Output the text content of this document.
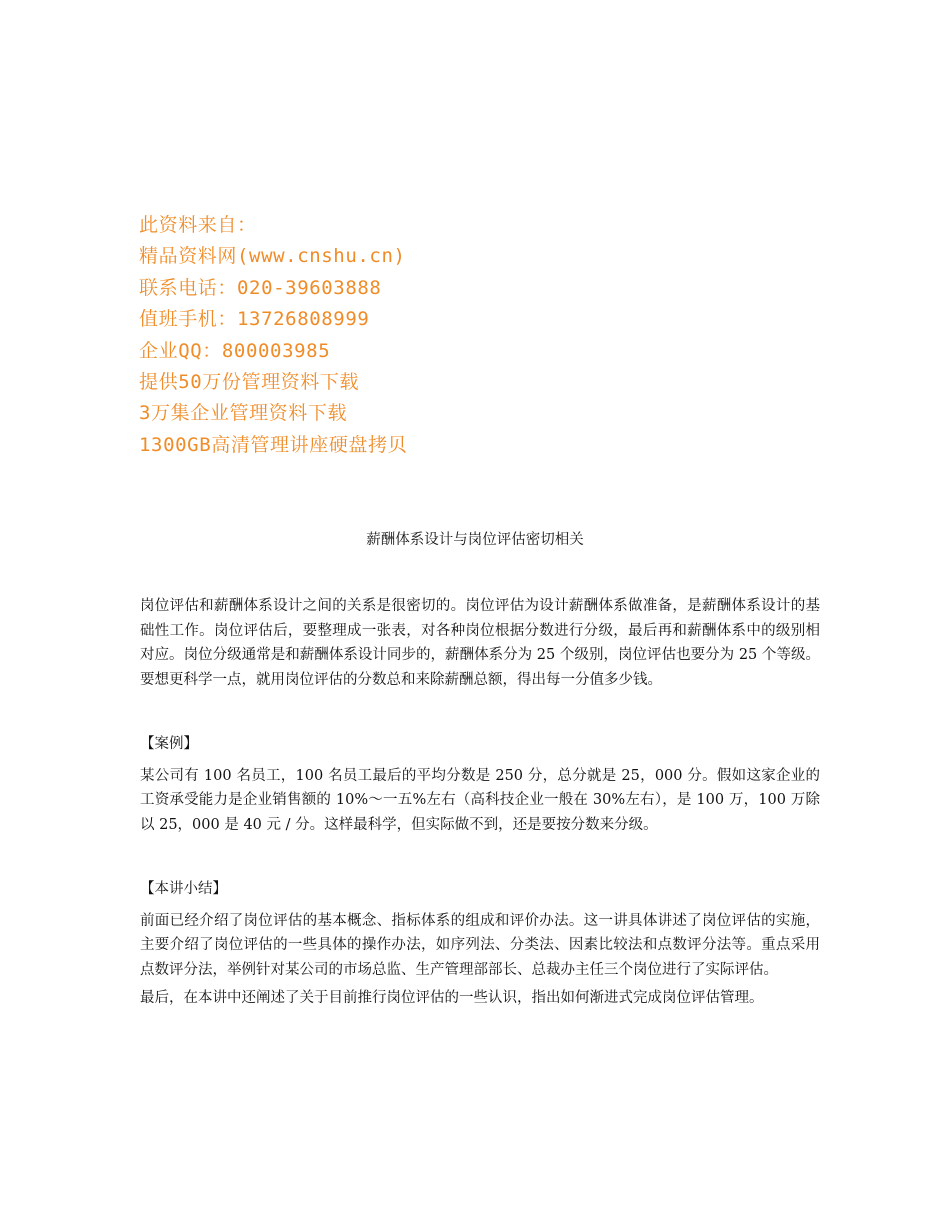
此资料来自：
精品资料网(www.cnshu.cn)
联系电话：020-39603888
值班手机：13726808999
企业QQ：800003985
提供50万份管理资料下载
3万集企业管理资料下载
1300GB高清管理讲座硬盘拷贝
薪酬体系设计与岗位评估密切相关

岗位评估和薪酬体系设计之间的关系是很密切的。岗位评估为设计薪酬体系做准备，是薪酬体系设计的基础性工作。岗位评估后，要整理成一张表，对各种岗位根据分数进行分级，最后再和薪酬体系中的级别相对应。岗位分级通常是和薪酬体系设计同步的，薪酬体系分为 25 个级别，岗位评估也要分为 25 个等级。要想更科学一点，就用岗位评估的分数总和来除薪酬总额，得出每一分值多少钱。

【案例】

某公司有 100 名员工，100 名员工最后的平均分数是 250 分，总分就是 25，000 分。假如这家企业的工资承受能力是企业销售额的 10%～一五%左右（高科技企业一般在 30%左右），是 100 万，100 万除以 25，000 是 40 元 / 分。这样最科学，但实际做不到，还是要按分数来分级。

【本讲小结】

前面已经介绍了岗位评估的基本概念、指标体系的组成和评价办法。这一讲具体讲述了岗位评估的实施，主要介绍了岗位评估的一些具体的操作办法，如序列法、分类法、因素比较法和点数评分法等。重点采用点数评分法，举例针对某公司的市场总监、生产管理部部长、总裁办主任三个岗位进行了实际评估。

最后，在本讲中还阐述了关于目前推行岗位评估的一些认识，指出如何渐进式完成岗位评估管理。
